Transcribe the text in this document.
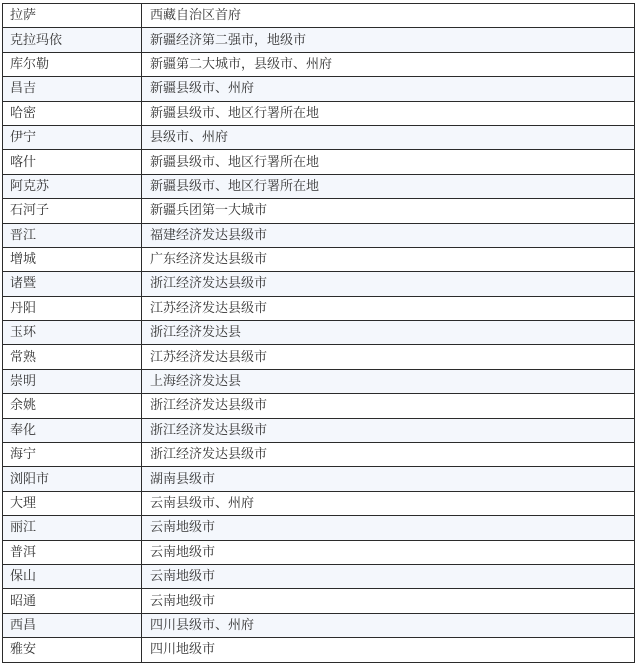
拉萨	西藏自治区首府
克拉玛依	新疆经济第二强市，地级市
库尔勒	新疆第二大城市，县级市、州府
昌吉	新疆县级市、州府
哈密	新疆县级市、地区行署所在地
伊宁	县级市、州府
喀什	新疆县级市、地区行署所在地
阿克苏	新疆县级市、地区行署所在地
石河子	新疆兵团第一大城市
晋江	福建经济发达县级市
增城	广东经济发达县级市
诸暨	浙江经济发达县级市
丹阳	江苏经济发达县级市
玉环	浙江经济发达县
常熟	江苏经济发达县级市
崇明	上海经济发达县
余姚	浙江经济发达县级市
奉化	浙江经济发达县级市
海宁	浙江经济发达县级市
浏阳市	湖南县级市
大理	云南县级市、州府
丽江	云南地级市
普洱	云南地级市
保山	云南地级市
昭通	云南地级市
西昌	四川县级市、州府
雅安	四川地级市
